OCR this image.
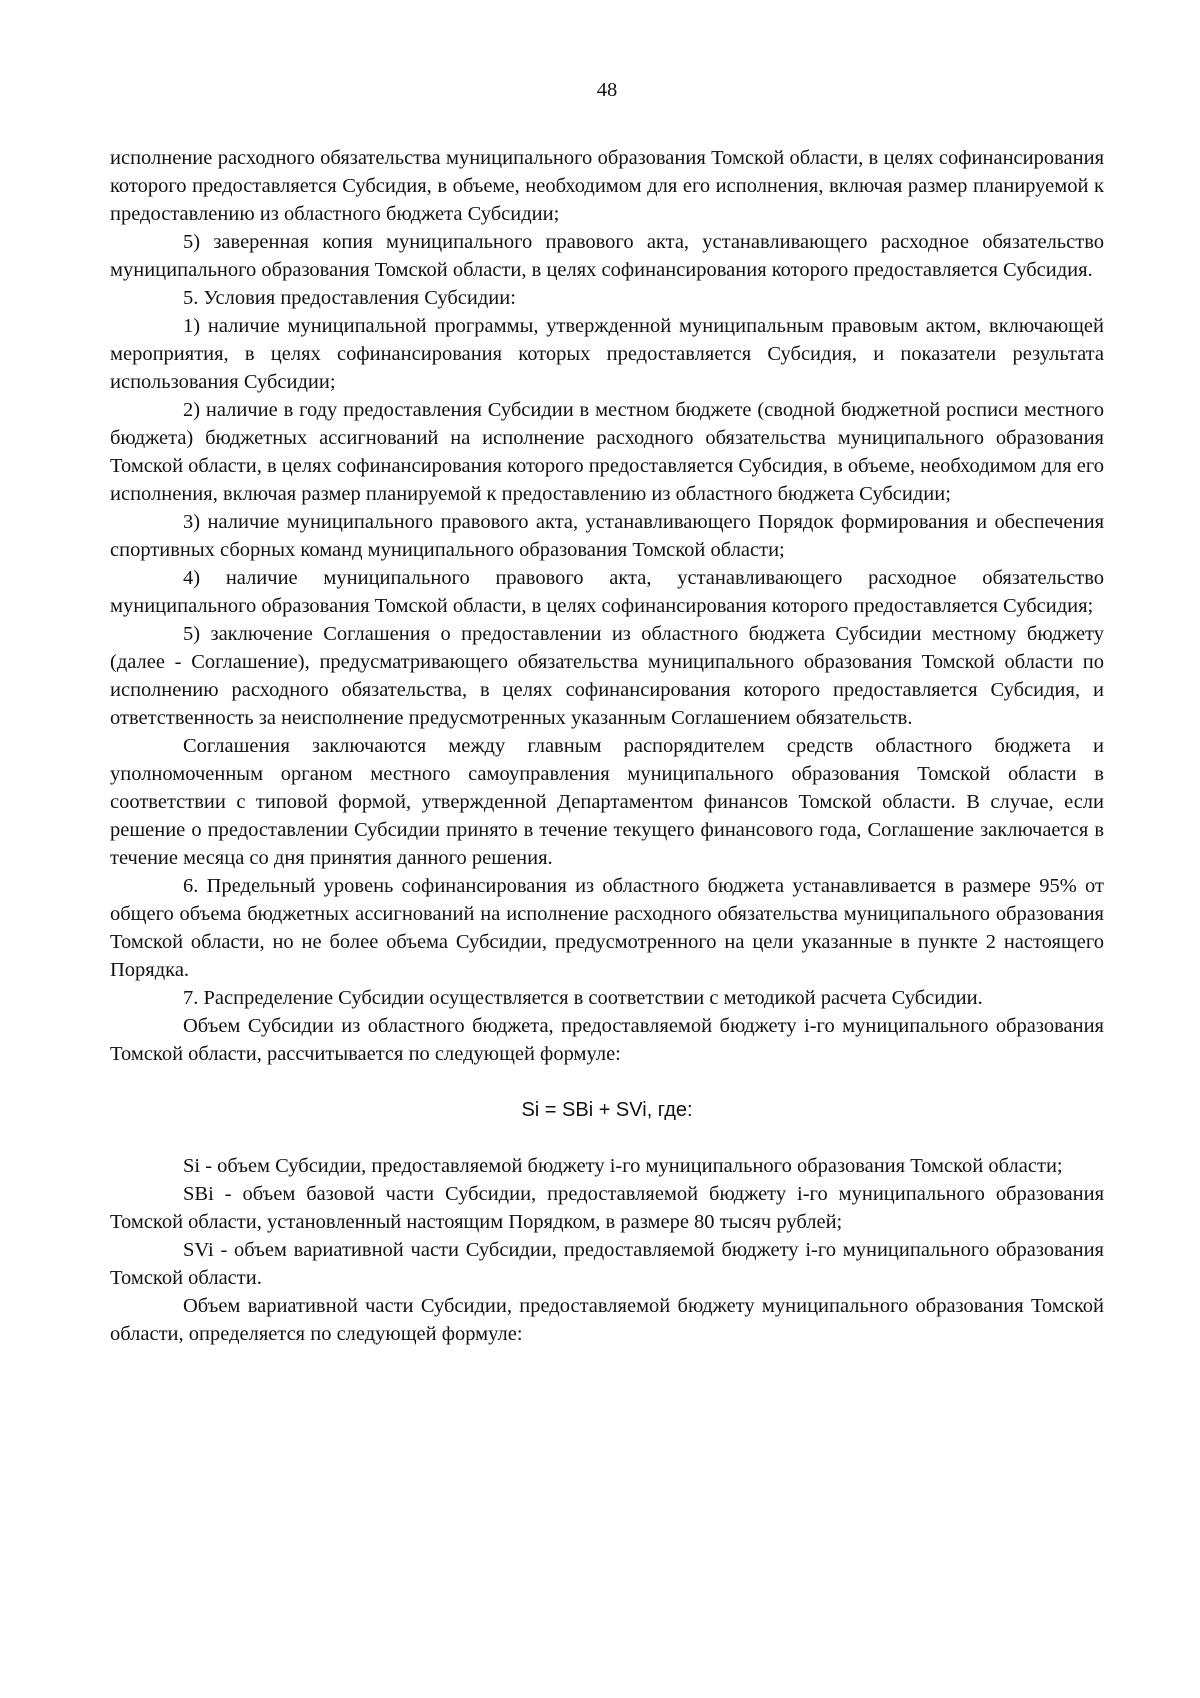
48

исполнение расходного обязательства муниципального образования Томской области, в целях софинансирования которого предоставляется Субсидия, в объеме, необходимом для его исполнения, включая размер планируемой к предоставлению из областного бюджета Субсидии;

5) заверенная копия муниципального правового акта, устанавливающего расходное обязательство муниципального образования Томской области, в целях софинансирования которого предоставляется Субсидия.

5. Условия предоставления Субсидии:

1) наличие муниципальной программы, утвержденной муниципальным правовым актом, включающей мероприятия, в целях софинансирования которых предоставляется Субсидия, и показатели результата использования Субсидии;

2) наличие в году предоставления Субсидии в местном бюджете (сводной бюджетной росписи местного бюджета) бюджетных ассигнований на исполнение расходного обязательства муниципального образования Томской области, в целях софинансирования которого предоставляется Субсидия, в объеме, необходимом для его исполнения, включая размер планируемой к предоставлению из областного бюджета Субсидии;

3) наличие муниципального правового акта, устанавливающего Порядок формирования и обеспечения спортивных сборных команд муниципального образования Томской области;

4) наличие муниципального правового акта, устанавливающего расходное обязательство муниципального образования Томской области, в целях софинансирования которого предоставляется Субсидия;

5) заключение Соглашения о предоставлении из областного бюджета Субсидии местному бюджету (далее - Соглашение), предусматривающего обязательства муниципального образования Томской области по исполнению расходного обязательства, в целях софинансирования которого предоставляется Субсидия, и ответственность за неисполнение предусмотренных указанным Соглашением обязательств.

Соглашения заключаются между главным распорядителем средств областного бюджета и уполномоченным органом местного самоуправления муниципального образования Томской области в соответствии с типовой формой, утвержденной Департаментом финансов Томской области. В случае, если решение о предоставлении Субсидии принято в течение текущего финансового года, Соглашение заключается в течение месяца со дня принятия данного решения.

6. Предельный уровень софинансирования из областного бюджета устанавливается в размере 95% от общего объема бюджетных ассигнований на исполнение расходного обязательства муниципального образования Томской области, но не более объема Субсидии, предусмотренного на цели указанные в пункте 2 настоящего Порядка.

7. Распределение Субсидии осуществляется в соответствии с методикой расчета Субсидии.

Объем Субсидии из областного бюджета, предоставляемой бюджету i-го муниципального образования Томской области, рассчитывается по следующей формуле:

Si = SBi + SVi, где:

Si - объем Субсидии, предоставляемой бюджету i-го муниципального образования Томской области;

SBi - объем базовой части Субсидии, предоставляемой бюджету i-го муниципального образования Томской области, установленный настоящим Порядком, в размере 80 тысяч рублей;

SVi - объем вариативной части Субсидии, предоставляемой бюджету i-го муниципального образования Томской области.

Объем вариативной части Субсидии, предоставляемой бюджету муниципального образования Томской области, определяется по следующей формуле:
